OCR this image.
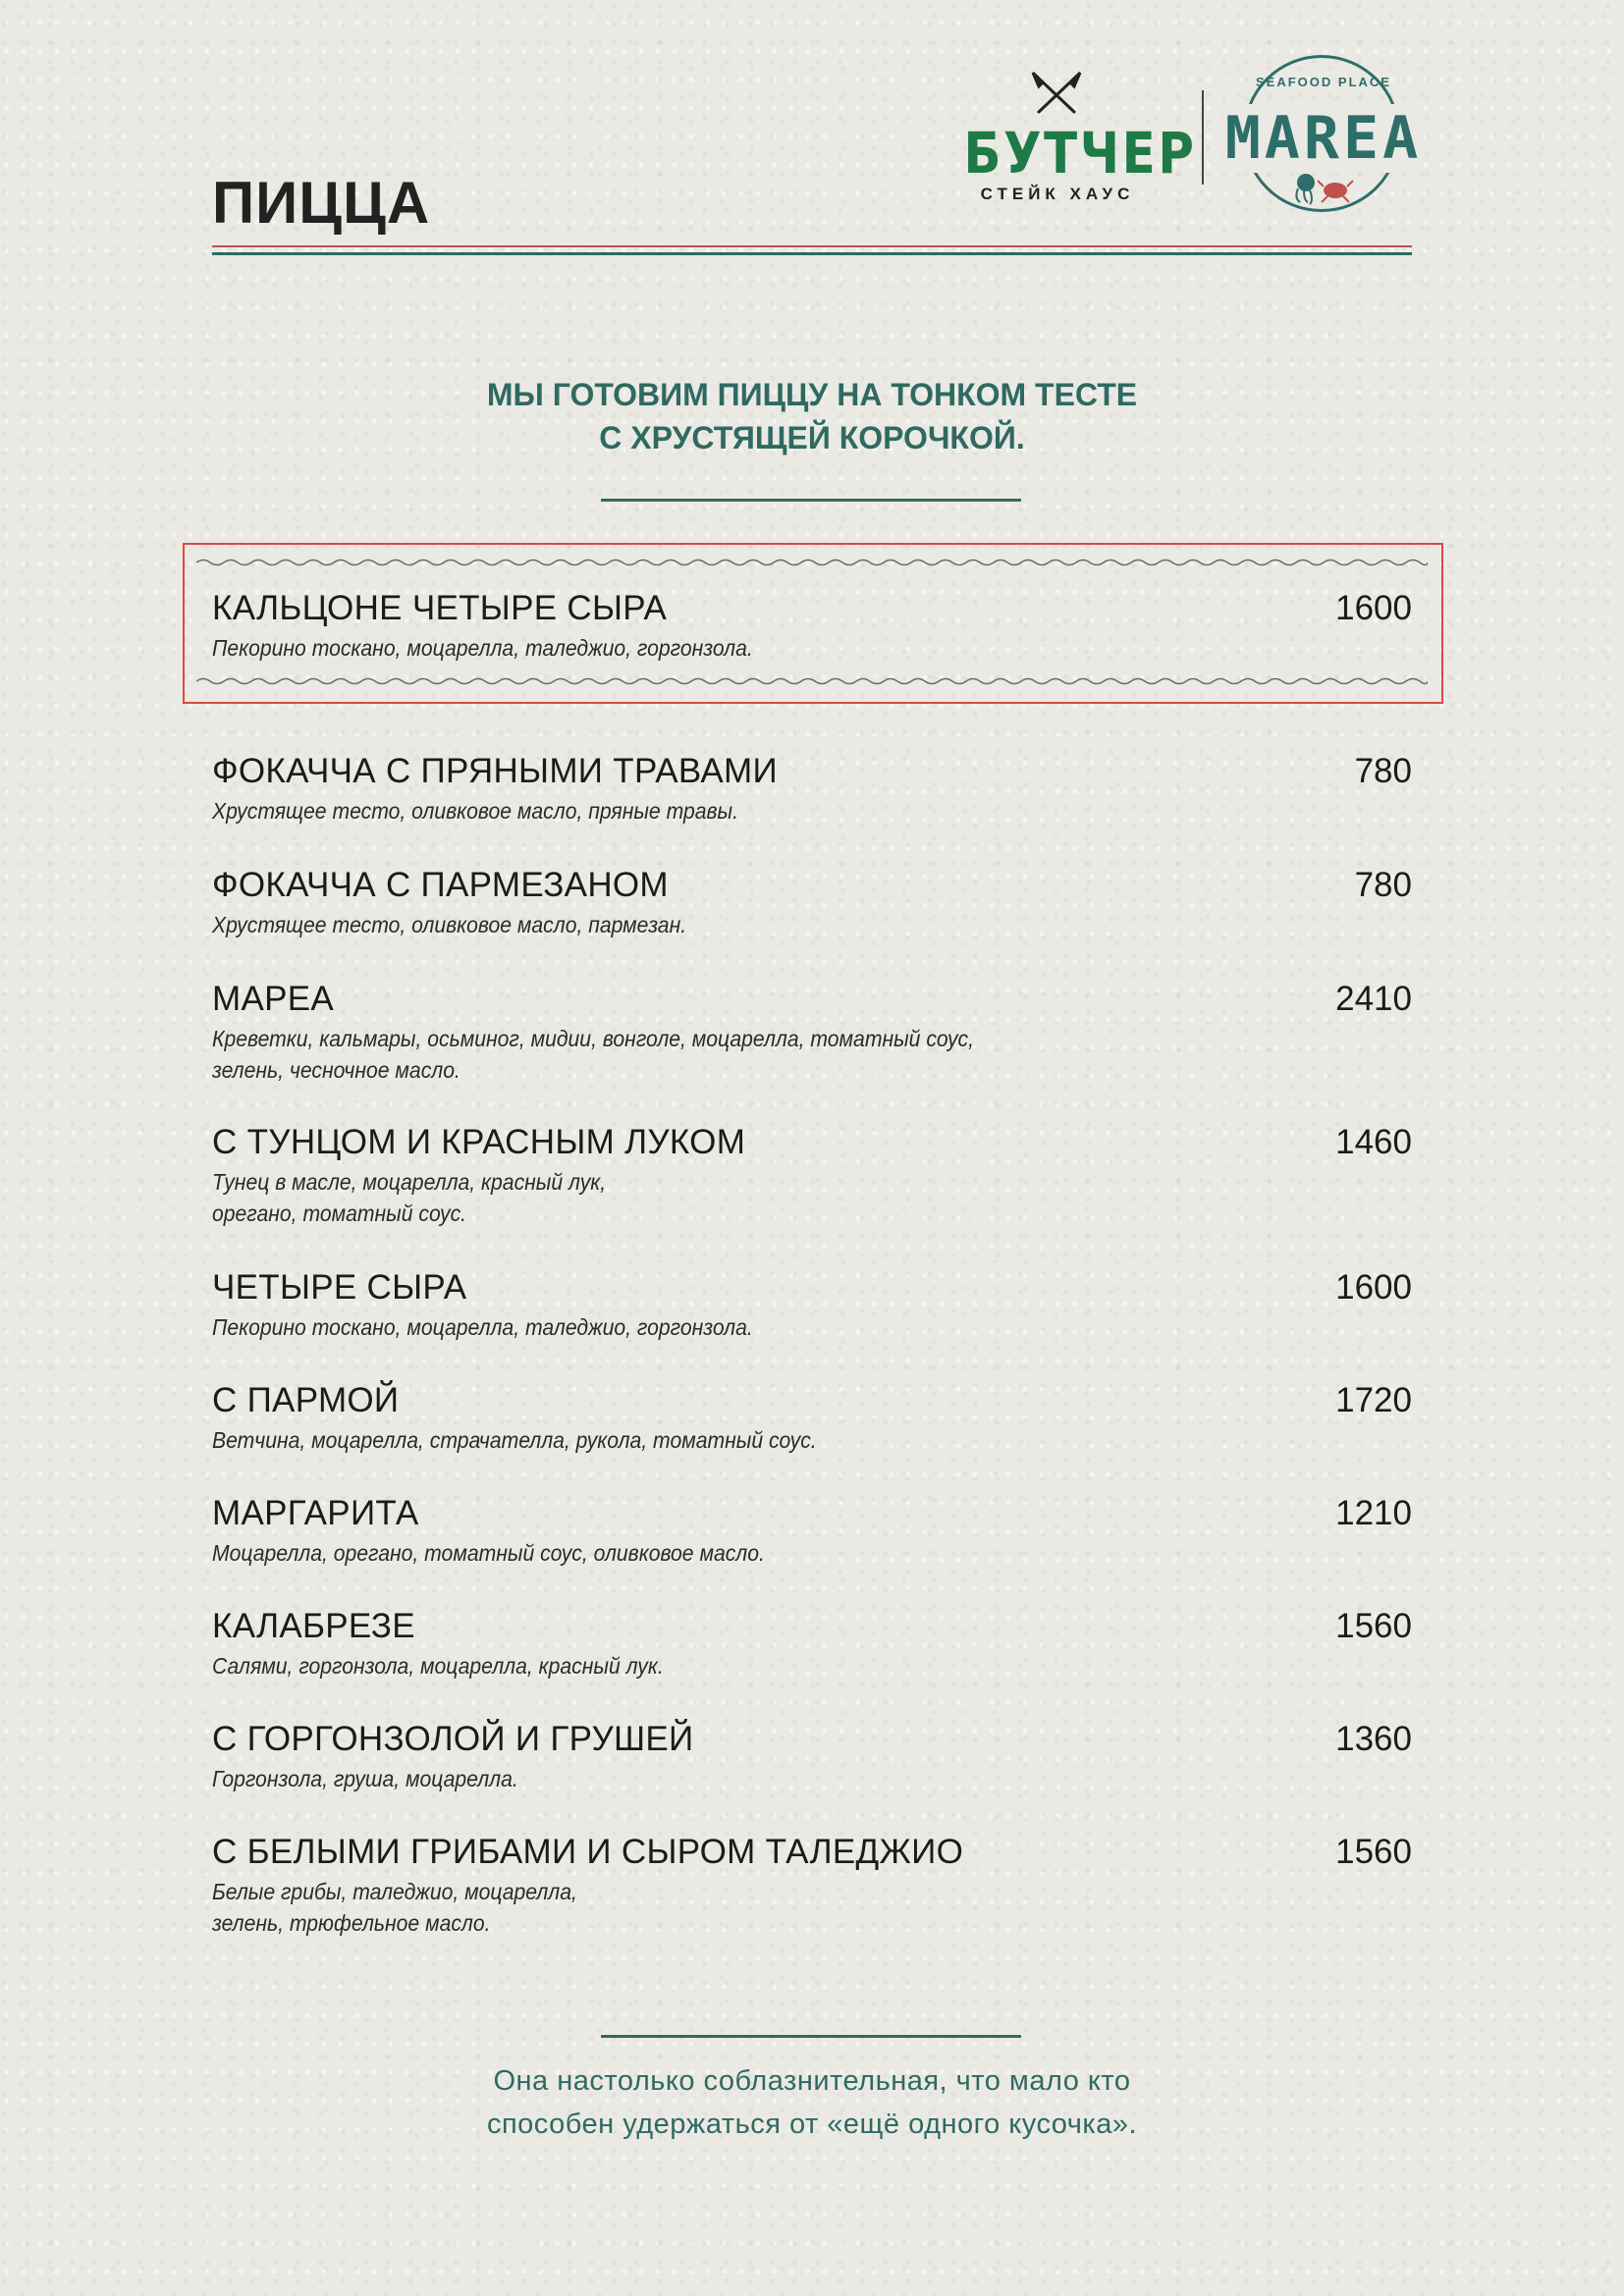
ПИЦЦА
БУТЧЕР
СТЕЙК ХАУС
SEAFOOD PLACE
MAREA
МЫ ГОТОВИМ ПИЦЦУ НА ТОНКОМ ТЕСТЕ
С ХРУСТЯЩЕЙ КОРОЧКОЙ.
КАЛЬЦОНЕ ЧЕТЫРЕ СЫРА	1600
Пекорино тоскано, моцарелла, таледжио, горгонзола.
ФОКАЧЧА С ПРЯНЫМИ ТРАВАМИ	780
Хрустящее тесто, оливковое масло, пряные травы.
ФОКАЧЧА С ПАРМЕЗАНОМ	780
Хрустящее тесто, оливковое масло, пармезан.
МАРЕА	2410
Креветки, кальмары, осьминог, мидии, вонголе, моцарелла, томатный соус,
зелень, чесночное масло.
С ТУНЦОМ И КРАСНЫМ ЛУКОМ	1460
Тунец в масле, моцарелла, красный лук,
орегано, томатный соус.
ЧЕТЫРЕ СЫРА	1600
Пекорино тоскано, моцарелла, таледжио, горгонзола.
С ПАРМОЙ	1720
Ветчина, моцарелла, страчателла, рукола, томатный соус.
МАРГАРИТА	1210
Моцарелла, орегано, томатный соус, оливковое масло.
КАЛАБРЕЗЕ	1560
Салями, горгонзола, моцарелла, красный лук.
С ГОРГОНЗОЛОЙ И ГРУШЕЙ	1360
Горгонзола, груша, моцарелла.
С БЕЛЫМИ ГРИБАМИ И СЫРОМ ТАЛЕДЖИО	1560
Белые грибы, таледжио, моцарелла,
зелень, трюфельное масло.
Она настолько соблазнительная, что мало кто
способен удержаться от «ещё одного кусочка».
